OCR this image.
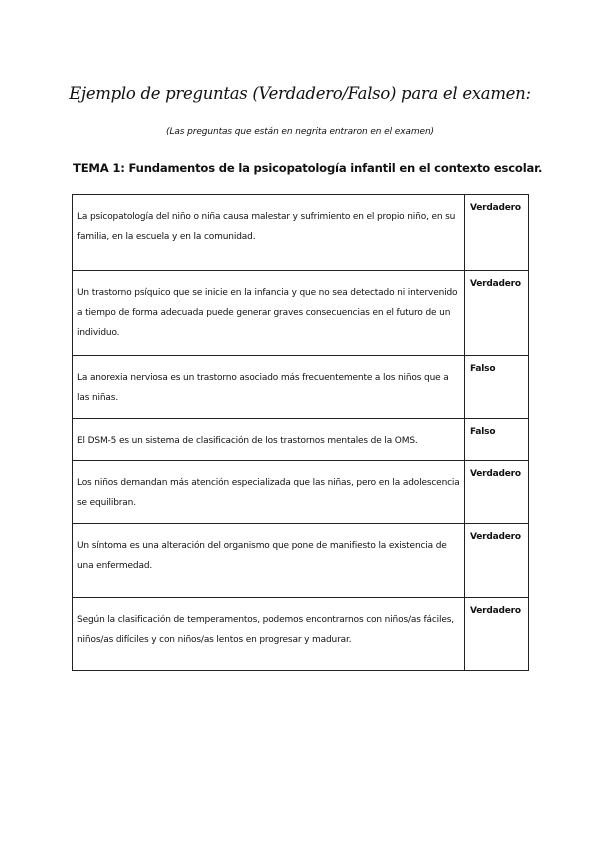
Ejemplo de preguntas (Verdadero/Falso) para el examen:
(Las preguntas que están en negrita entraron en el examen)
TEMA 1: Fundamentos de la psicopatología infantil en el contexto escolar.
La psicopatología del niño o niña causa malestar y sufrimiento en el propio niño, en su familia, en la escuela y en la comunidad.	Verdadero

Un trastorno psíquico que se inicie en la infancia y que no sea detectado ni intervenido a tiempo de forma adecuada puede generar graves consecuencias en el futuro de un individuo.	Verdadero

La anorexia nerviosa es un trastorno asociado más frecuentemente a los niños que a las niñas.	Falso

El DSM-5 es un sistema de clasificación de los trastornos mentales de la OMS.	Falso

Los niños demandan más atención especializada que las niñas, pero en la adolescencia se equilibran.	Verdadero

Un síntoma es una alteración del organismo que pone de manifiesto la existencia de una enfermedad.	Verdadero

Según la clasificación de temperamentos, podemos encontrarnos con niños/as fáciles, niños/as difíciles y con niños/as lentos en progresar y madurar.	Verdadero
